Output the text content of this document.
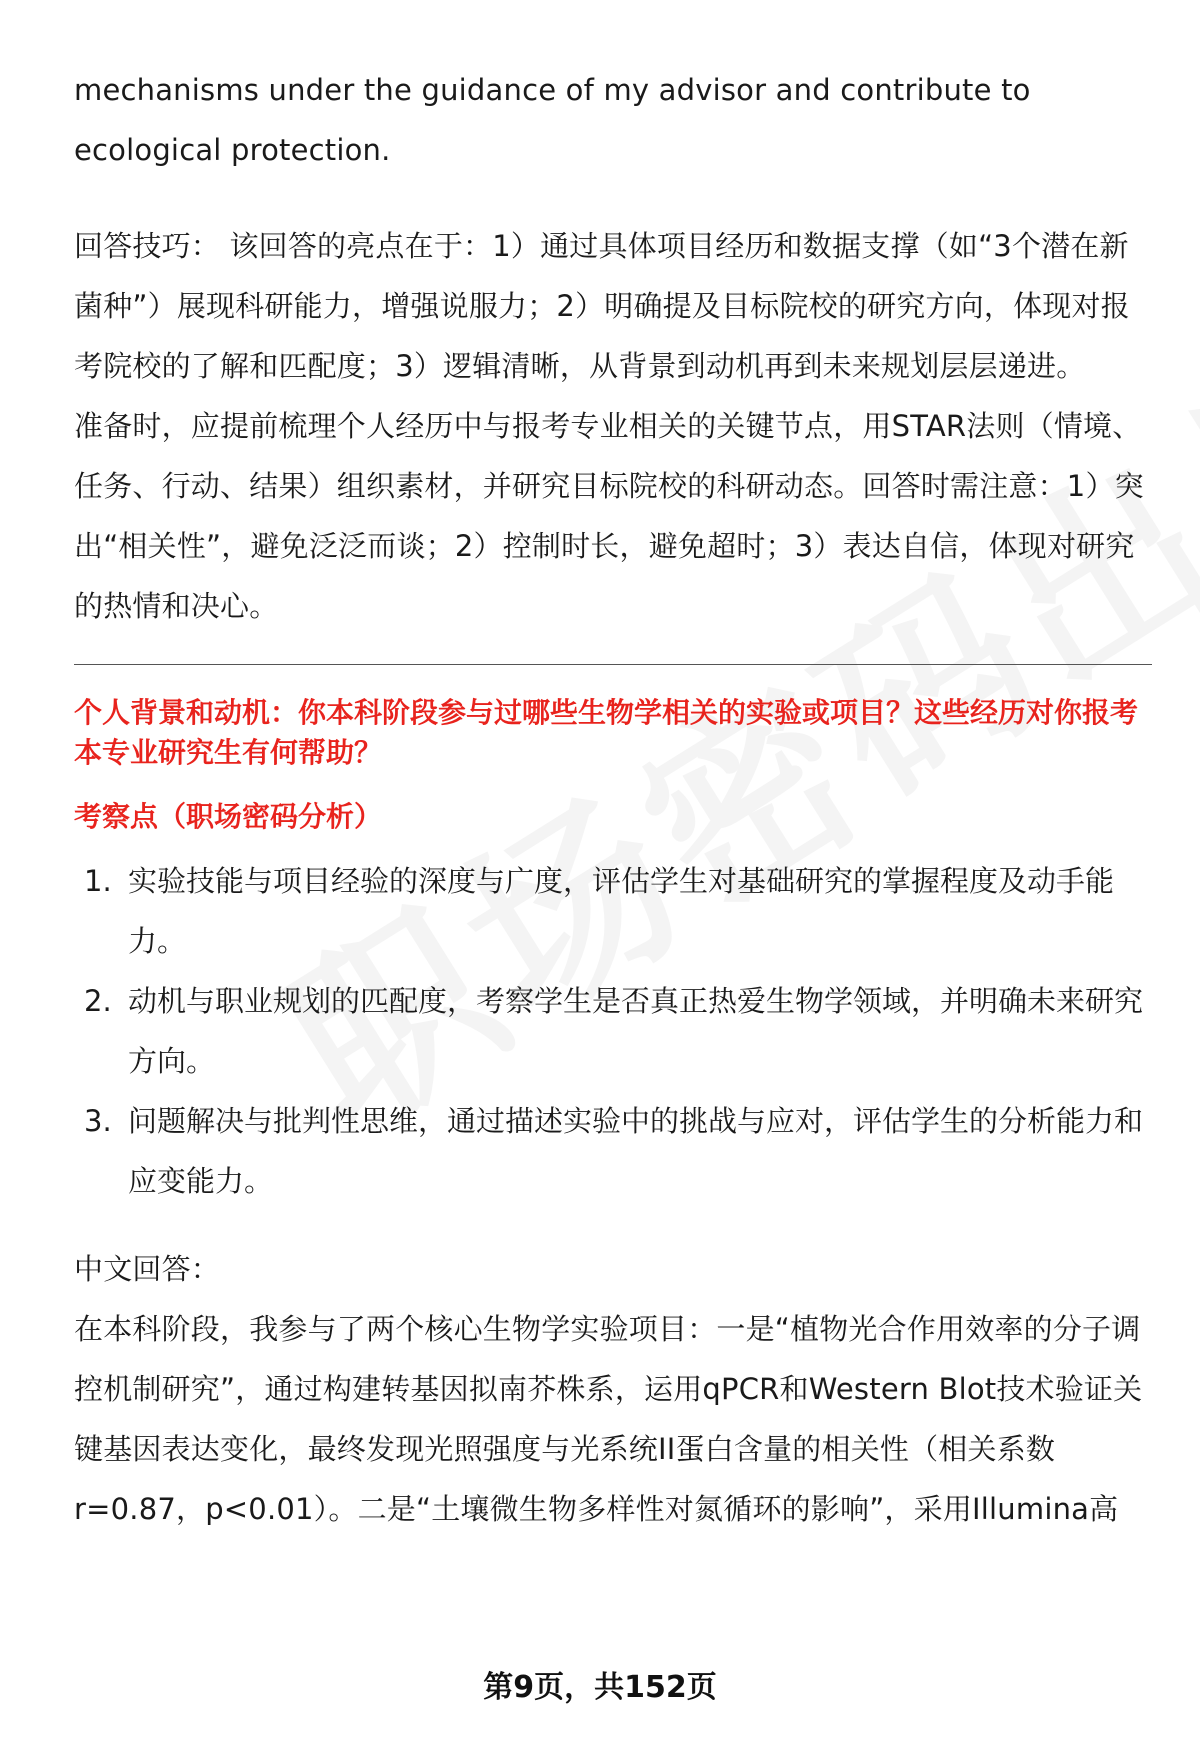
mechanisms under the guidance of my advisor and contribute to ecological protection.

回答技巧： 该回答的亮点在于：1）通过具体项目经历和数据支撑（如“3个潜在新菌种”）展现科研能力，增强说服力；2）明确提及目标院校的研究方向，体现对报考院校的了解和匹配度；3）逻辑清晰，从背景到动机再到未来规划层层递进。

准备时，应提前梳理个人经历中与报考专业相关的关键节点，用STAR法则（情境、任务、行动、结果）组织素材，并研究目标院校的科研动态。回答时需注意：1）突出“相关性”，避免泛泛而谈；2）控制时长，避免超时；3）表达自信，体现对研究的热情和决心。

个人背景和动机：你本科阶段参与过哪些生物学相关的实验或项目？这些经历对你报考本专业研究生有何帮助？

考察点（职场密码分析）

1. 实验技能与项目经验的深度与广度，评估学生对基础研究的掌握程度及动手能力。
2. 动机与职业规划的匹配度，考察学生是否真正热爱生物学领域，并明确未来研究方向。
3. 问题解决与批判性思维，通过描述实验中的挑战与应对，评估学生的分析能力和应变能力。

中文回答：

在本科阶段，我参与了两个核心生物学实验项目：一是“植物光合作用效率的分子调控机制研究”，通过构建转基因拟南芥株系，运用qPCR和Western Blot技术验证关键基因表达变化，最终发现光照强度与光系统II蛋白含量的相关性（相关系数r=0.87，p<0.01）。二是“土壤微生物多样性对氮循环的影响”，采用Illumina高

第9页，共152页
